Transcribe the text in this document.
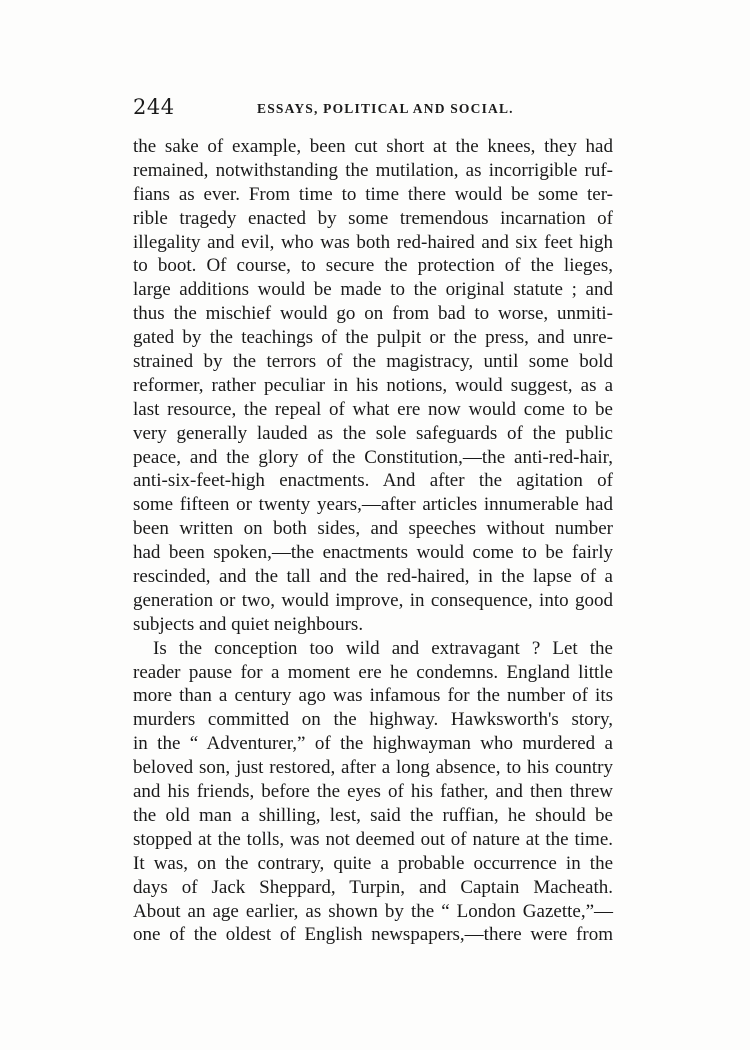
244	ESSAYS, POLITICAL AND SOCIAL.
the sake of example, been cut short at the knees, they had
remained, notwithstanding the mutilation, as incorrigible ruf-
fians as ever. From time to time there would be some ter-
rible tragedy enacted by some tremendous incarnation of
illegality and evil, who was both red-haired and six feet high
to boot. Of course, to secure the protection of the lieges,
large additions would be made to the original statute ; and
thus the mischief would go on from bad to worse, unmiti-
gated by the teachings of the pulpit or the press, and unre-
strained by the terrors of the magistracy, until some bold
reformer, rather peculiar in his notions, would suggest, as a
last resource, the repeal of what ere now would come to be
very generally lauded as the sole safeguards of the public
peace, and the glory of the Constitution,—the anti-red-hair,
anti-six-feet-high enactments. And after the agitation of
some fifteen or twenty years,—after articles innumerable had
been written on both sides, and speeches without number
had been spoken,—the enactments would come to be fairly
rescinded, and the tall and the red-haired, in the lapse of a
generation or two, would improve, in consequence, into good
subjects and quiet neighbours.
Is the conception too wild and extravagant ? Let the
reader pause for a moment ere he condemns. England little
more than a century ago was infamous for the number of its
murders committed on the highway. Hawksworth's story,
in the “ Adventurer,” of the highwayman who murdered a
beloved son, just restored, after a long absence, to his country
and his friends, before the eyes of his father, and then threw
the old man a shilling, lest, said the ruffian, he should be
stopped at the tolls, was not deemed out of nature at the time.
It was, on the contrary, quite a probable occurrence in the
days of Jack Sheppard, Turpin, and Captain Macheath.
About an age earlier, as shown by the “ London Gazette,”—
one of the oldest of English newspapers,—there were from
